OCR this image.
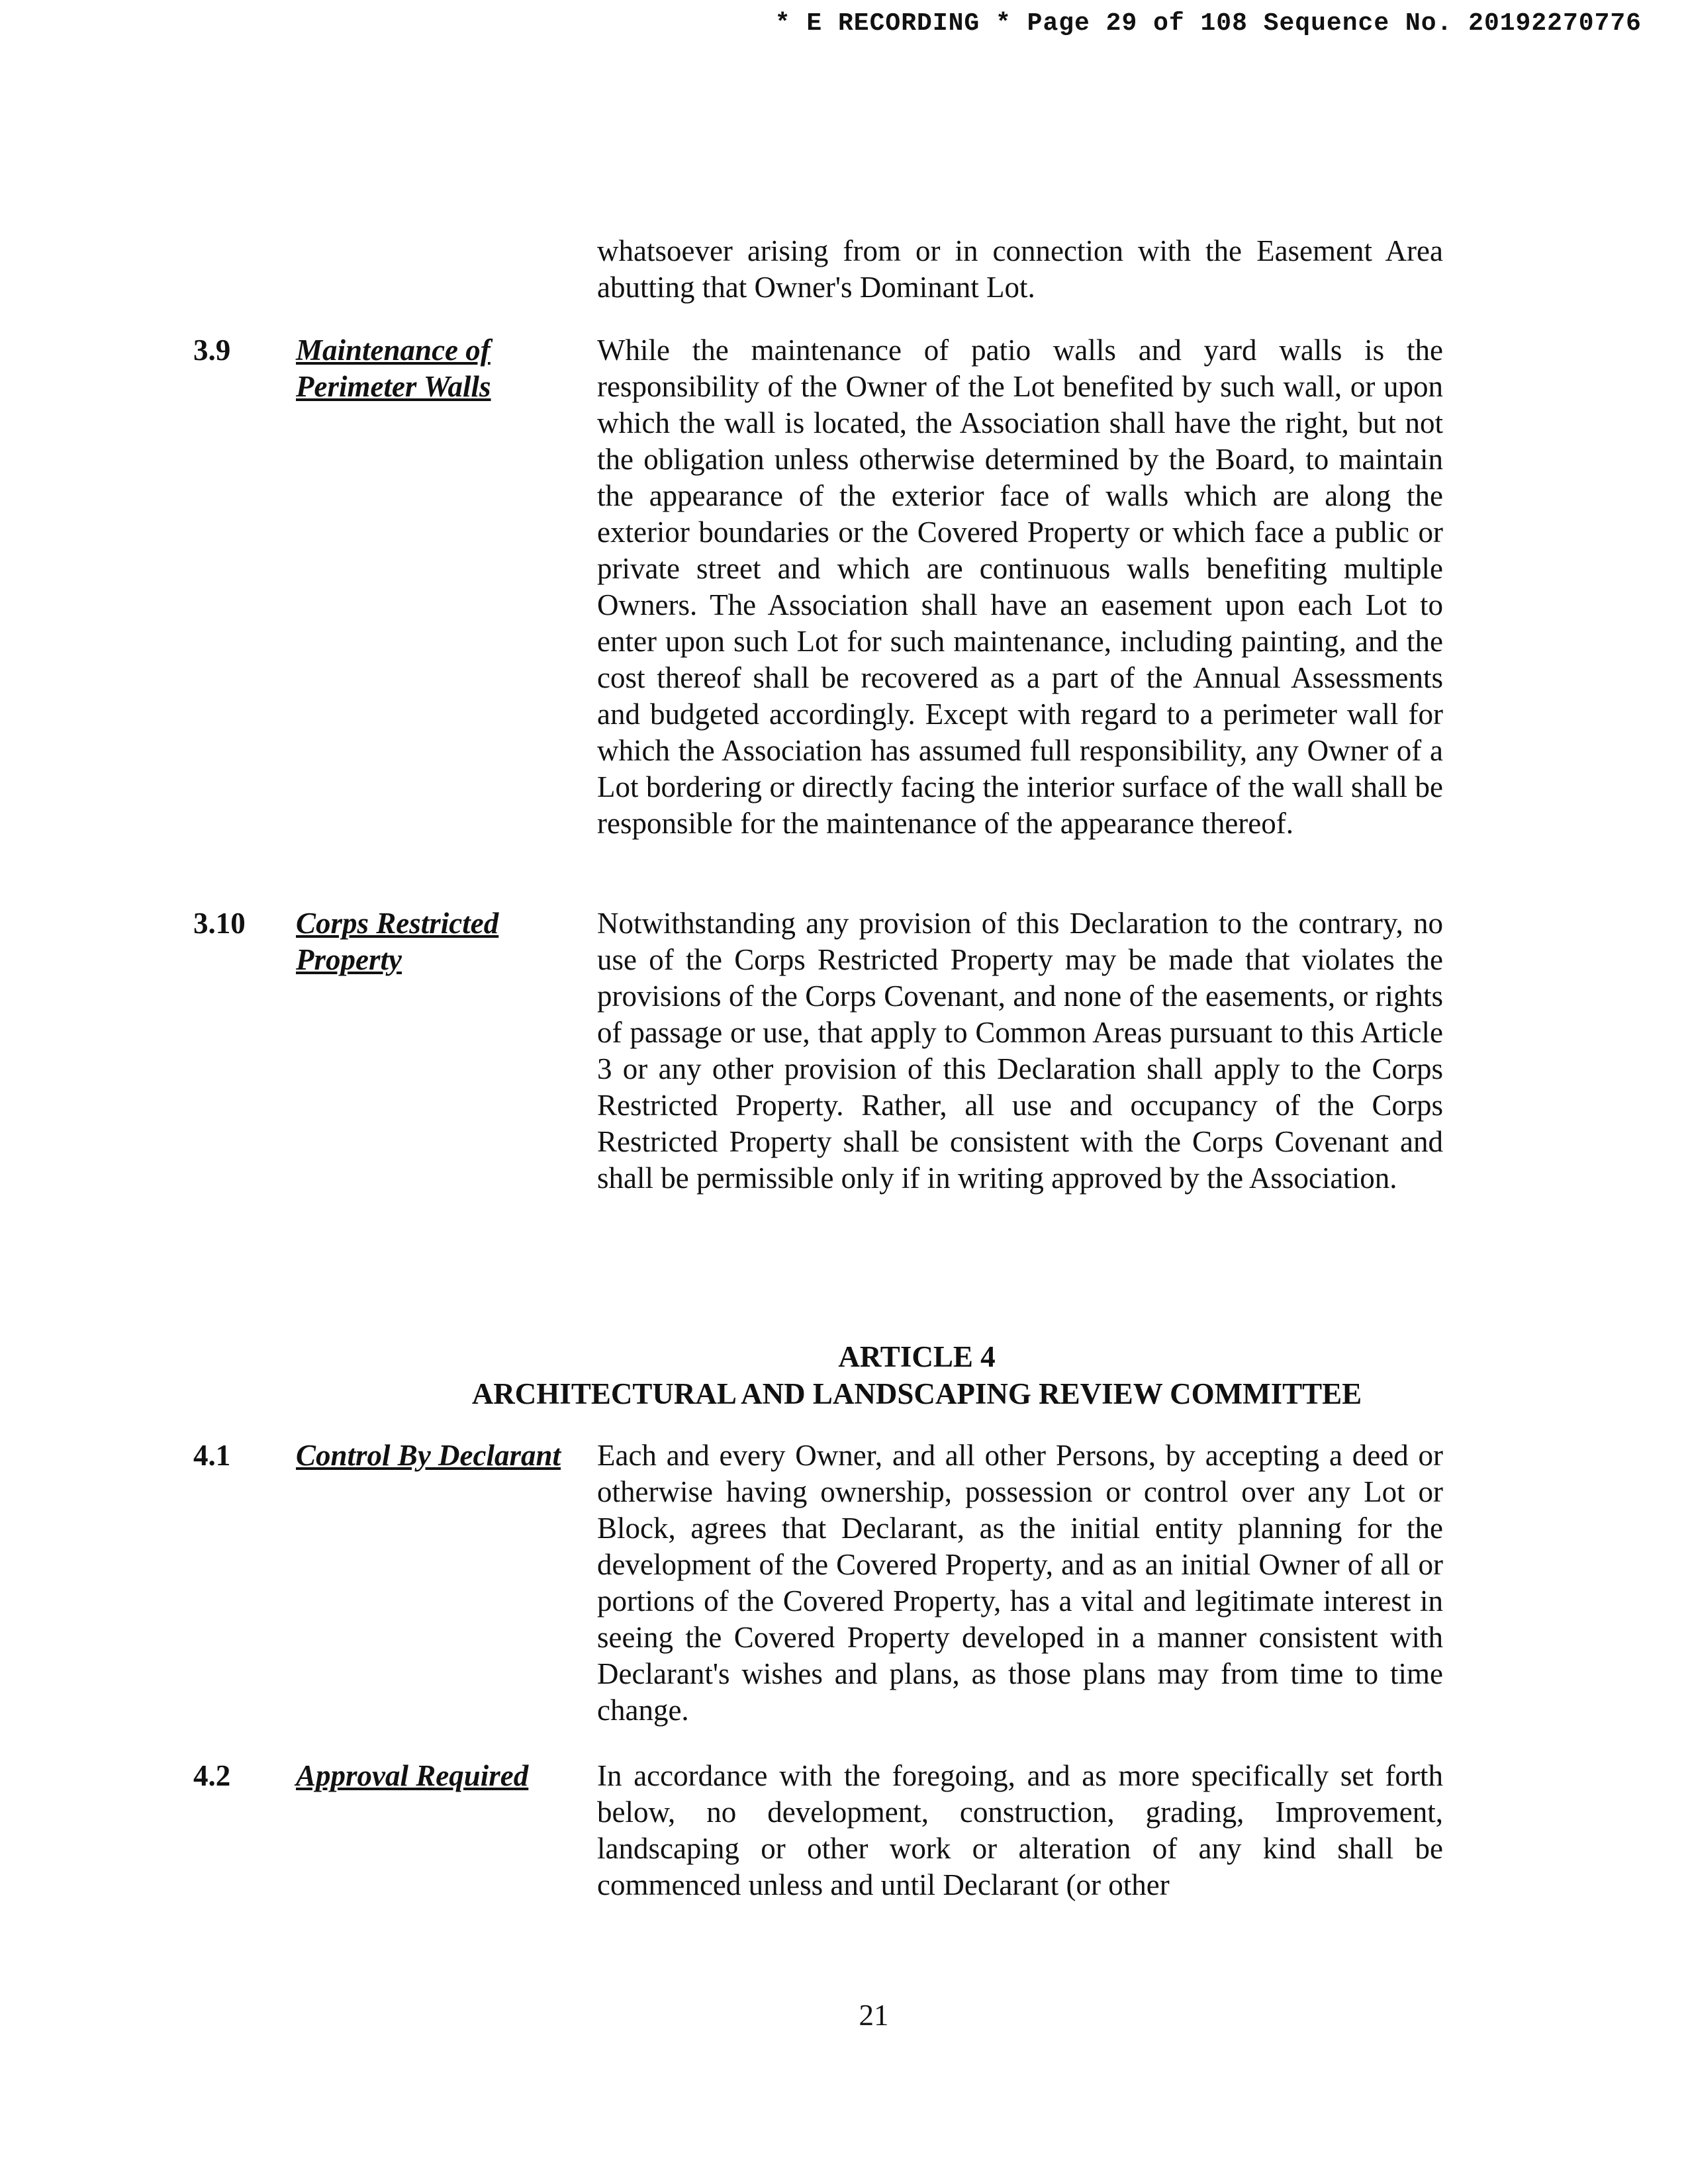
* E RECORDING * Page 29 of 108 Sequence No. 20192270776

whatsoever arising from or in connection with the Easement Area abutting that Owner's Dominant Lot.

3.9 Maintenance of Perimeter Walls

While the maintenance of patio walls and yard walls is the responsibility of the Owner of the Lot benefited by such wall, or upon which the wall is located, the Association shall have the right, but not the obligation unless otherwise determined by the Board, to maintain the appearance of the exterior face of walls which are along the exterior boundaries or the Covered Property or which face a public or private street and which are continuous walls benefiting multiple Owners. The Association shall have an easement upon each Lot to enter upon such Lot for such maintenance, including painting, and the cost thereof shall be recovered as a part of the Annual Assessments and budgeted accordingly. Except with regard to a perimeter wall for which the Association has assumed full responsibility, any Owner of a Lot bordering or directly facing the interior surface of the wall shall be responsible for the maintenance of the appearance thereof.

3.10 Corps Restricted Property

Notwithstanding any provision of this Declaration to the contrary, no use of the Corps Restricted Property may be made that violates the provisions of the Corps Covenant, and none of the easements, or rights of passage or use, that apply to Common Areas pursuant to this Article 3 or any other provision of this Declaration shall apply to the Corps Restricted Property. Rather, all use and occupancy of the Corps Restricted Property shall be consistent with the Corps Covenant and shall be permissible only if in writing approved by the Association.

ARTICLE 4
ARCHITECTURAL AND LANDSCAPING REVIEW COMMITTEE
4.1 Control By Declarant	Each and every Owner, and all other Persons, by accepting a deed or otherwise having ownership, possession or control over any Lot or Block, agrees that Declarant, as the initial entity planning for the development of the Covered Property, and as an initial Owner of all or portions of the Covered Property, has a vital and legitimate interest in seeing the Covered Property developed in a manner consistent with Declarant's wishes and plans, as those plans may from time to time change.

4.2 Approval Required	In accordance with the foregoing, and as more specifically set forth below, no development, construction, grading, Improvement, landscaping or other work or alteration of any kind shall be commenced unless and until Declarant (or other

21
